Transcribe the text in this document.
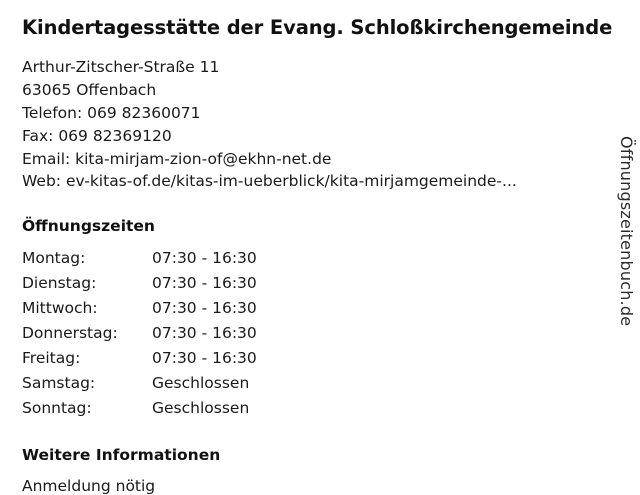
Kindertagesstätte der Evang. Schloßkirchengemeinde
Arthur-Zitscher-Straße 11
63065 Offenbach
Telefon: 069 82360071
Fax: 069 82369120
Email: kita-mirjam-zion-of@ekhn-net.de
Web: ev-kitas-of.de/kitas-im-ueberblick/kita-mirjamgemeinde-...
Öffnungszeiten
Montag:	07:30 - 16:30
Dienstag:	07:30 - 16:30
Mittwoch:	07:30 - 16:30
Donnerstag:	07:30 - 16:30
Freitag:	07:30 - 16:30
Samstag:	Geschlossen
Sonntag:	Geschlossen
Weitere Informationen
Anmeldung nötig
Öffnungszeitenbuch.de
